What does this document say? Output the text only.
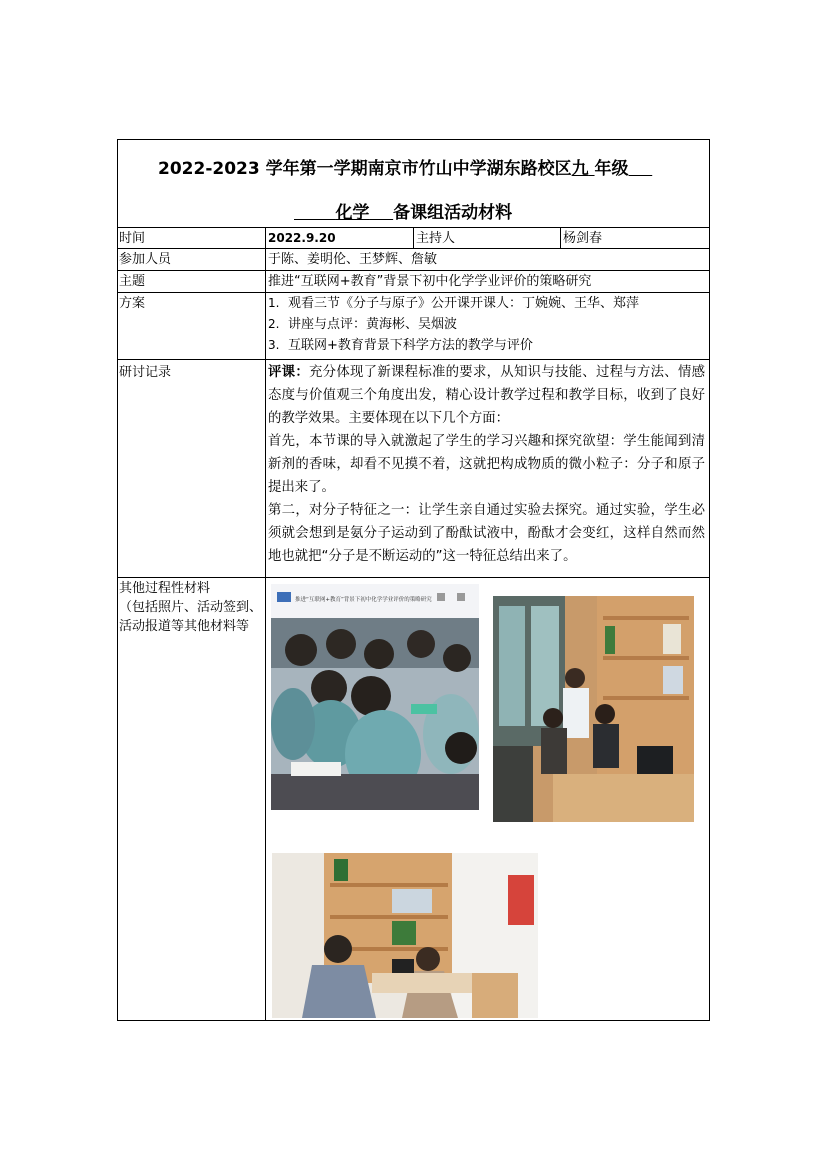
2022-2023 学年第一学期南京市竹山中学湖东路校区九 年级
化学 备课组活动材料
时间	2022.9.20	主持人	杨剑春
参加人员	于陈、姜明伦、王梦辉、詹敏
主题	推进“互联网+教育”背景下初中化学学业评价的策略研究
方案	1. 观看三节《分子与原子》公开课开课人：丁婉婉、王华、郑萍
2. 讲座与点评：黄海彬、吴烟波
3. 互联网+教育背景下科学方法的教学与评价
研讨记录	评课：充分体现了新课程标准的要求，从知识与技能、过程与方法、情感态度与价值观三个角度出发，精心设计教学过程和教学目标，收到了良好的教学效果。主要体现在以下几个方面：

首先，本节课的导入就激起了学生的学习兴趣和探究欲望：学生能闻到清新剂的香味，却看不见摸不着，这就把构成物质的微小粒子：分子和原子提出来了。

第二，对分子特征之一：让学生亲自通过实验去探究。通过实验，学生必须就会想到是氨分子运动到了酚酞试液中，酚酞才会变红，这样自然而然地也就把“分子是不断运动的”这一特征总结出来了。

其他过程性材料
（包括照片、活动签到、
活动报道等其他材料等
推进“互联网+教育”背景下初中化学学业评价的策略研究
